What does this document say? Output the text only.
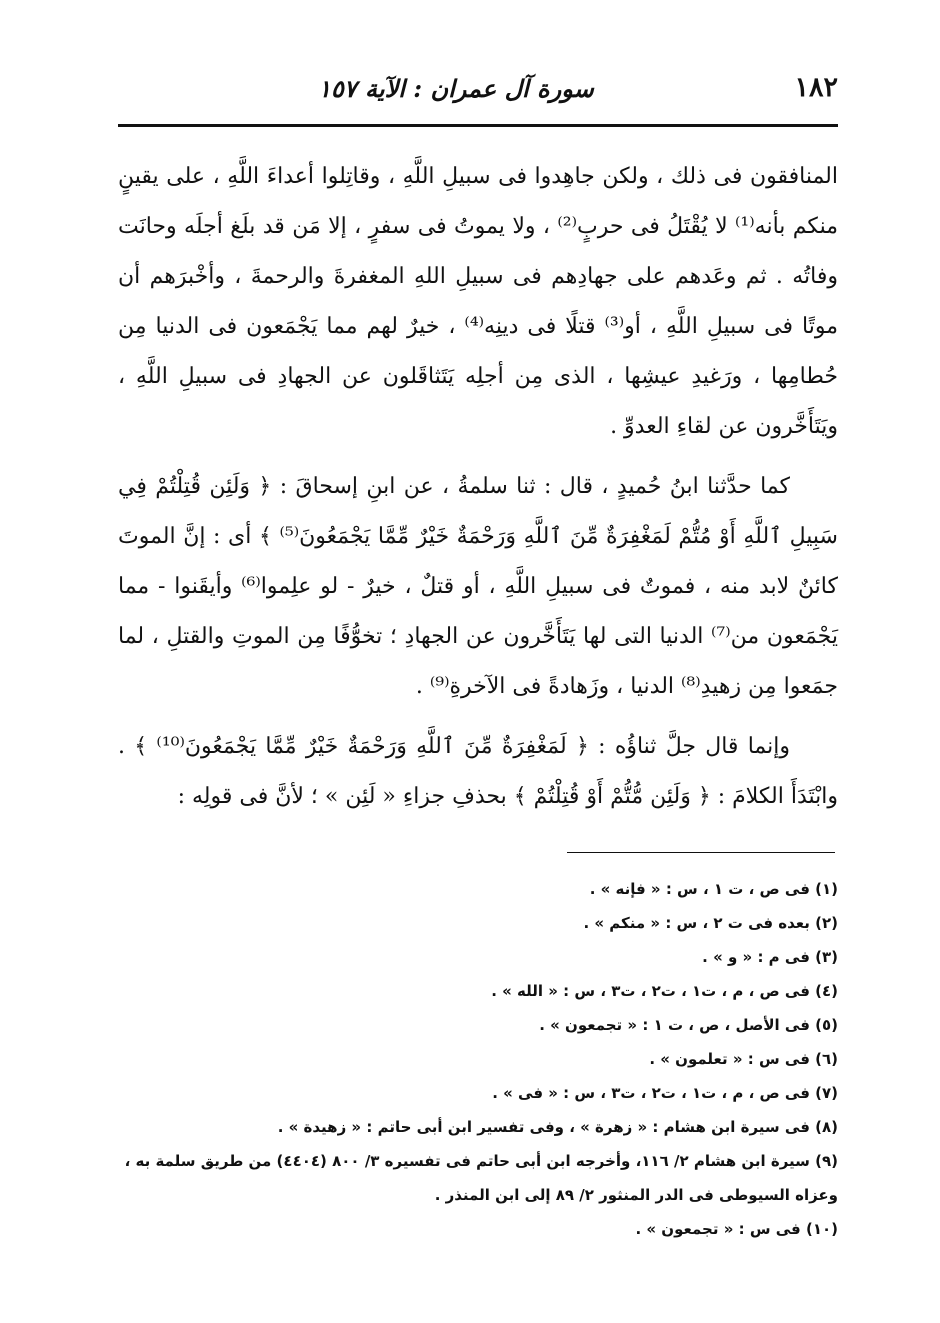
١٨٢
سورة آل عمران : الآية ١٥٧

المنافقون فى ذلك ، ولكن جاهِدوا فى سبيلِ اللَّهِ ، وقاتِلوا أعداءَ اللَّهِ ، على يقينٍ منكم بأنه⁽¹⁾ لا يُقْتَلُ فى حربٍ⁽²⁾ ، ولا يموتُ فى سفرٍ ، إلا مَن قد بلَغ أجلَه وحانَت وفاتُه . ثم وعَدهم على جهادِهم فى سبيلِ اللهِ المغفرةَ والرحمةَ ، وأخْبرَهم أن موتًا فى سبيلِ اللَّهِ ، أو⁽³⁾ قتلًا فى دينِه⁽⁴⁾ ، خيرٌ لهم مما يَجْمَعون فى الدنيا مِن حُطامِها ، ورَغيدِ عيشِها ، الذى مِن أجلِه يَتَثاقَلون عن الجهادِ فى سبيلِ اللَّهِ ، ويَتَأَخَّرون عن لقاءِ العدوِّ .

كما حدَّثنا ابنُ حُميدٍ ، قال : ثنا سلمةُ ، عن ابنِ إسحاقَ : ﴿ وَلَئِن قُتِلْتُمْ فِي سَبِيلِ ٱللَّهِ أَوْ مُتُّمْ لَمَغْفِرَةٌ مِّنَ ٱللَّهِ وَرَحْمَةٌ خَيْرٌ مِّمَّا يَجْمَعُونَ⁽⁵⁾ ﴾ أى : إنَّ الموتَ كائنٌ لابد منه ، فموتٌ فى سبيلِ اللَّهِ ، أو قتلٌ ، خيرٌ - لو علِموا⁽⁶⁾ وأيقَنوا - مما يَجْمَعون من⁽⁷⁾ الدنيا التى لها يَتَأَخَّرون عن الجهادِ ؛ تخوُّفًا مِن الموتِ والقتلِ ، لما جمَعوا مِن زهيدِ⁽⁸⁾ الدنيا ، وزَهادةً فى الآخرةِ⁽⁹⁾ .

وإنما قال جلَّ ثناؤُه : ﴿ لَمَغْفِرَةٌ مِّنَ ٱللَّهِ وَرَحْمَةٌ خَيْرٌ مِّمَّا يَجْمَعُونَ⁽¹⁰⁾ ﴾ . وابْتَدَأَ الكلامَ : ﴿ وَلَئِن مُّتُّمْ أَوْ قُتِلْتُمْ ﴾ بحذفِ جزاءِ « لَئِن » ؛ لأنَّ فى قولِه :

(١) فى ص ، ت ١ ، س : « فإنه » .
(٢) بعده فى ت ٢ ، س : « منكم » .
(٣) فى م : « و » .
(٤) فى ص ، م ، ت١ ، ت٢ ، ت٣ ، س : « الله » .
(٥) فى الأصل ، ص ، ت ١ : « تجمعون » .
(٦) فى س : « تعلمون » .
(٧) فى ص ، م ، ت١ ، ت٢ ، ت٣ ، س : « فى » .
(٨) فى سيرة ابن هشام : « زهرة » ، وفى تفسير ابن أبى حاتم : « زهيدة » .
(٩) سيرة ابن هشام ٢/ ١١٦، وأخرجه ابن أبى حاتم فى تفسيره ٣/ ٨٠٠ (٤٤٠٤) من طريق سلمة به ،
وعزاه السيوطى فى الدر المنثور ٢/ ٨٩ إلى ابن المنذر .
(١٠) فى س : « تجمعون » .
